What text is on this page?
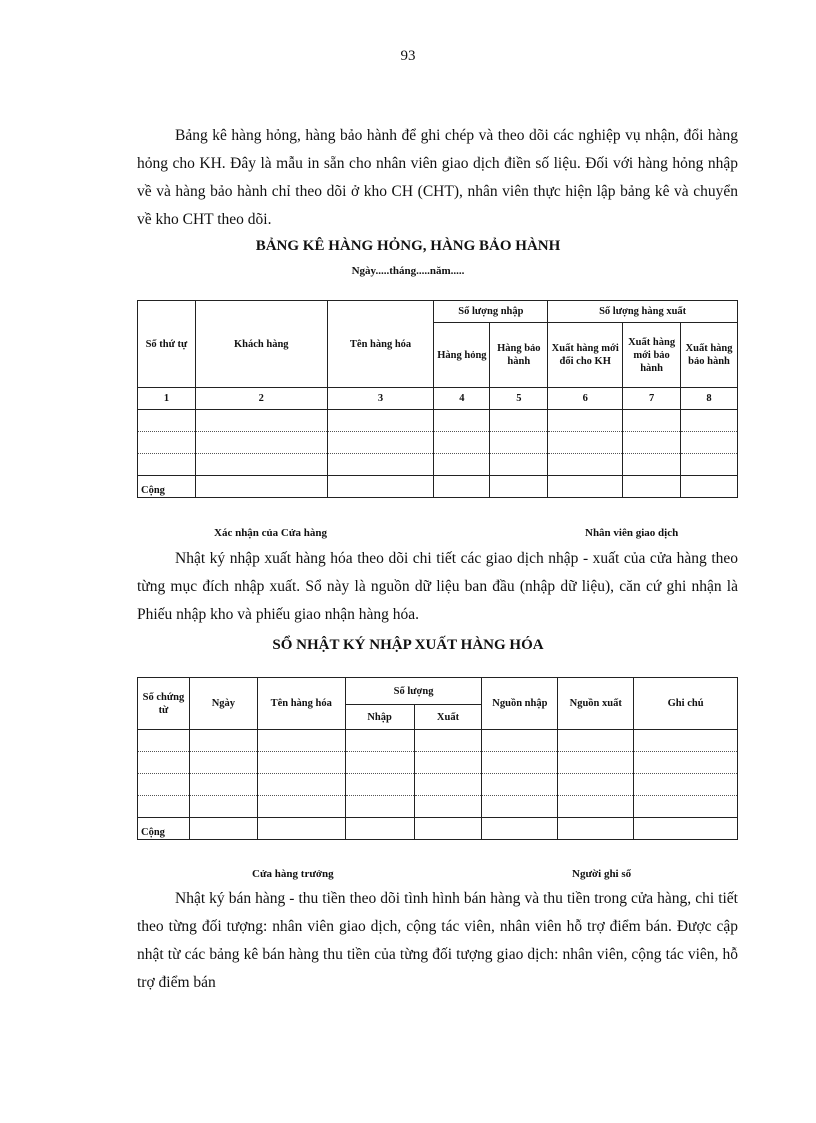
93

Bảng kê hàng hỏng, hàng bảo hành để ghi chép và theo dõi các nghiệp vụ nhận, đổi hàng hỏng cho KH. Đây là mẫu in sẵn cho nhân viên giao dịch điền số liệu. Đối với hàng hỏng nhập về và hàng bảo hành chỉ theo dõi ở kho CH (CHT), nhân viên thực hiện lập bảng kê và chuyển về kho CHT theo dõi.

BẢNG KÊ HÀNG HỎNG, HÀNG BẢO HÀNH
Ngày.....tháng.....năm.....
Số thứ tự	Khách hàng	Tên hàng hóa	Số lượng nhập		Số lượng hàng xuất		
			Hàng hỏng	Hàng bảo hành	Xuất hàng mới đổi cho KH	Xuất hàng mới bảo hành	Xuất hàng bảo hành
1	2	3	4	5	6	7	8

Cộng							
Xác nhận của Cửa hàng	Nhân viên giao dịch

Nhật ký nhập xuất hàng hóa theo dõi chi tiết các giao dịch nhập - xuất của cửa hàng theo từng mục đích nhập xuất. Sổ này là nguồn dữ liệu ban đầu (nhập dữ liệu), căn cứ ghi nhận là Phiếu nhập kho và phiếu giao nhận hàng hóa.

SỔ NHẬT KÝ NHẬP XUẤT HÀNG HÓA
Số chứng từ	Ngày	Tên hàng hóa	Số lượng		Nguồn nhập	Nguồn xuất	Ghi chú
			Nhập	Xuất			

Cộng							
Cửa hàng trưởng	Người ghi sổ

Nhật ký bán hàng - thu tiền theo dõi tình hình bán hàng và thu tiền trong cửa hàng, chi tiết theo từng đối tượng: nhân viên giao dịch, cộng tác viên, nhân viên hỗ trợ điểm bán. Được cập nhật từ các bảng kê bán hàng thu tiền của từng đối tượng giao dịch: nhân viên, cộng tác viên, hỗ trợ điểm bán
